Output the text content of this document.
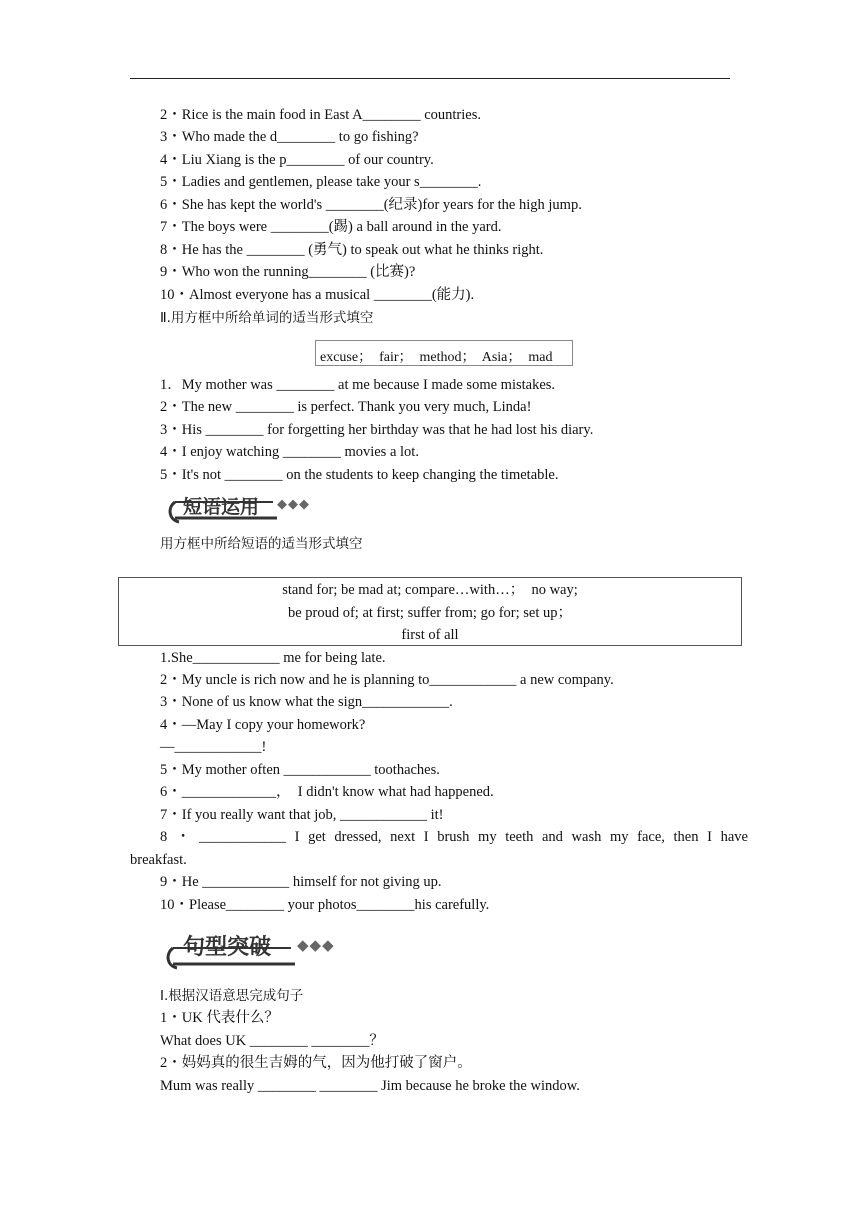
2・Rice is the main food in East A________ countries.
3・Who made the d________ to go fishing?
4・Liu Xiang is the p________ of our country.
5・Ladies and gentlemen, please take your s________.
6・She has kept the world's ________(纪录)for years for the high jump.
7・The boys were ________(踢) a ball around in the yard.
8・He has the ________ (勇气) to speak out what he thinks right.
9・Who won the running________ (比赛)?
10・Almost everyone has a musical ________(能力).
Ⅱ.用方框中所给单词的适当形式填空
excuse；  fair；  method；  Asia；  mad
1．My mother was ________ at me because I made some mistakes.
2・The new ________ is perfect. Thank you very much, Linda!
3・His ________ for forgetting her birthday was that he had lost his diary.
4・I enjoy watching ________ movies a lot.
5・It's not ________ on the students to keep changing the timetable.
短语运用 ◆◆◆
用方框中所给短语的适当形式填空
stand for; be mad at; compare…with…；  no way;
be proud of; at first; suffer from; go for; set up；
first of all
1.She____________ me for being late.
2・My uncle is rich now and he is planning to____________ a new company.
3・None of us know what the sign____________.
4・—May I copy your homework?
—____________!
5・My mother often ____________ toothaches.
6・_____________，  I didn't know what had happened.
7・If you really want that job, ____________ it!
8 ・ ____________ I get dressed, next I brush my teeth and wash my face, then I have
breakfast.
9・He ____________ himself for not giving up.
10・Please________ your photos________his carefully.
句型突破 ◆◆◆
Ⅰ.根据汉语意思完成句子
1・UK 代表什么？
What does UK ________ ________？
2・妈妈真的很生吉姆的气，因为他打破了窗户。
Mum was really ________ ________ Jim because he broke the window.
